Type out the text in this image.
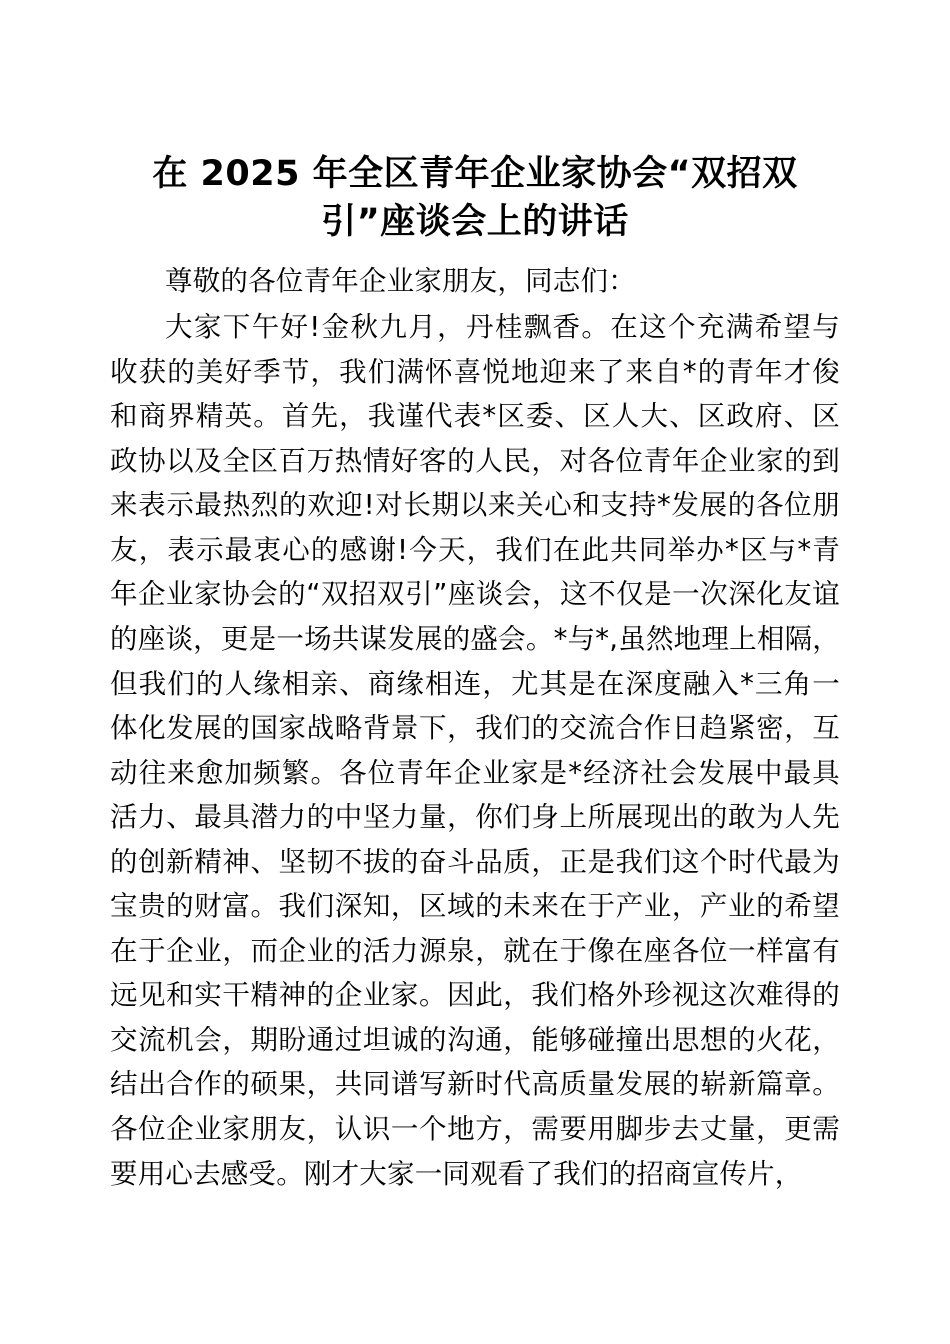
在 2025 年全区青年企业家协会“双招双引”座谈会上的讲话

尊敬的各位青年企业家朋友，同志们：

大家下午好!金秋九月，丹桂飘香。在这个充满希望与收获的美好季节，我们满怀喜悦地迎来了来自*的青年才俊和商界精英。首先，我谨代表*区委、区人大、区政府、区政协以及全区百万热情好客的人民，对各位青年企业家的到来表示最热烈的欢迎!对长期以来关心和支持*发展的各位朋友，表示最衷心的感谢!今天，我们在此共同举办*区与*青年企业家协会的“双招双引”座谈会，这不仅是一次深化友谊的座谈，更是一场共谋发展的盛会。*与*,虽然地理上相隔，但我们的人缘相亲、商缘相连，尤其是在深度融入*三角一体化发展的国家战略背景下，我们的交流合作日趋紧密，互动往来愈加频繁。各位青年企业家是*经济社会发展中最具活力、最具潜力的中坚力量，你们身上所展现出的敢为人先的创新精神、坚韧不拔的奋斗品质，正是我们这个时代最为宝贵的财富。我们深知，区域的未来在于产业，产业的希望在于企业，而企业的活力源泉，就在于像在座各位一样富有远见和实干精神的企业家。因此，我们格外珍视这次难得的交流机会，期盼通过坦诚的沟通，能够碰撞出思想的火花，结出合作的硕果，共同谱写新时代高质量发展的崭新篇章。各位企业家朋友，认识一个地方，需要用脚步去丈量，更需要用心去感受。刚才大家一同观看了我们的招商宣传片，
